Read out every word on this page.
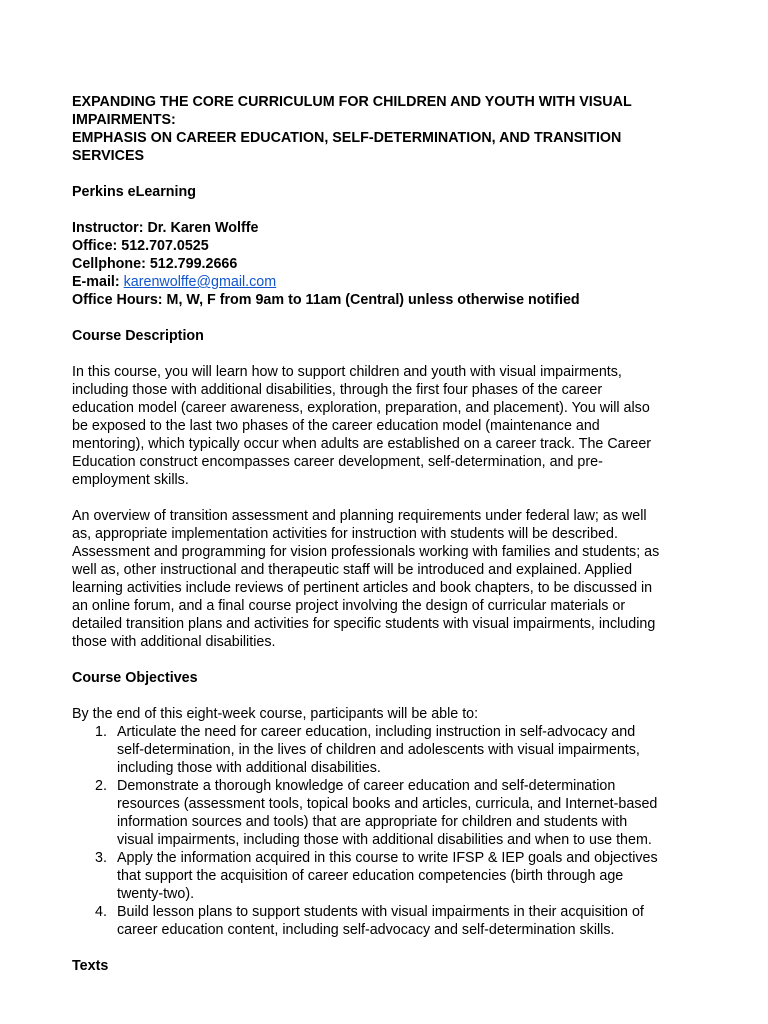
EXPANDING THE CORE CURRICULUM FOR CHILDREN AND YOUTH WITH VISUAL
IMPAIRMENTS:
EMPHASIS ON CAREER EDUCATION, SELF-DETERMINATION, AND TRANSITION
SERVICES
Perkins eLearning
Instructor: Dr. Karen Wolffe
Office: 512.707.0525
Cellphone: 512.799.2666
E-mail: karenwolffe@gmail.com
Office Hours: M, W, F from 9am to 11am (Central) unless otherwise notified
Course Description
In this course, you will learn how to support children and youth with visual impairments,
including those with additional disabilities, through the first four phases of the career
education model (career awareness, exploration, preparation, and placement). You will also
be exposed to the last two phases of the career education model (maintenance and
mentoring), which typically occur when adults are established on a career track. The Career
Education construct encompasses career development, self-determination, and pre-
employment skills.
An overview of transition assessment and planning requirements under federal law; as well
as, appropriate implementation activities for instruction with students will be described.
Assessment and programming for vision professionals working with families and students; as
well as, other instructional and therapeutic staff will be introduced and explained. Applied
learning activities include reviews of pertinent articles and book chapters, to be discussed in
an online forum, and a final course project involving the design of curricular materials or
detailed transition plans and activities for specific students with visual impairments, including
those with additional disabilities.
Course Objectives
By the end of this eight-week course, participants will be able to:
1. Articulate the need for career education, including instruction in self-advocacy and
self-determination, in the lives of children and adolescents with visual impairments,
including those with additional disabilities.
2. Demonstrate a thorough knowledge of career education and self-determination
resources (assessment tools, topical books and articles, curricula, and Internet-based
information sources and tools) that are appropriate for children and students with
visual impairments, including those with additional disabilities and when to use them.
3. Apply the information acquired in this course to write IFSP & IEP goals and objectives
that support the acquisition of career education competencies (birth through age
twenty-two).
4. Build lesson plans to support students with visual impairments in their acquisition of
career education content, including self-advocacy and self-determination skills.
Texts
